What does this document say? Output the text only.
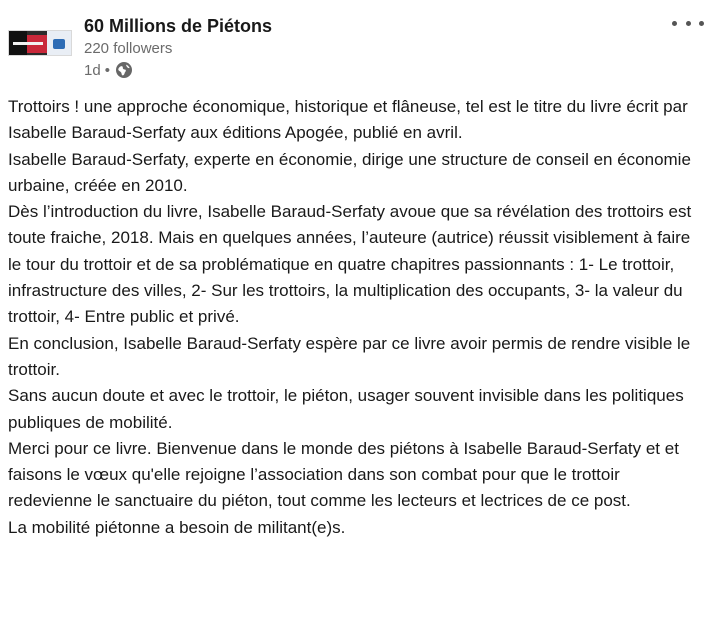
60 Millions de Piétons
220 followers
1d •

Trottoirs ! une approche économique, historique et flâneuse, tel est le titre du livre écrit par Isabelle Baraud-Serfaty aux éditions Apogée, publié en avril.

Isabelle Baraud-Serfaty, experte en économie, dirige une structure de conseil en économie urbaine, créée en 2010.

Dès l’introduction du livre, Isabelle Baraud-Serfaty avoue que sa révélation des trottoirs est toute fraiche, 2018. Mais en quelques années, l’auteure (autrice) réussit visiblement à faire le tour du trottoir et de sa problématique en quatre chapitres passionnants : 1- Le trottoir, infrastructure des villes, 2- Sur les trottoirs, la multiplication des occupants, 3- la valeur du trottoir, 4- Entre public et privé.

En conclusion, Isabelle Baraud-Serfaty espère par ce livre avoir permis de rendre visible le trottoir.

Sans aucun doute et avec le trottoir, le piéton, usager souvent invisible dans les politiques publiques de mobilité.

Merci pour ce livre. Bienvenue dans le monde des piétons à Isabelle Baraud-Serfaty et et faisons le vœux qu'elle rejoigne l’association dans son combat pour que le trottoir redevienne le sanctuaire du piéton, tout comme les lecteurs et lectrices de ce post.

La mobilité piétonne a besoin de militant(e)s.
